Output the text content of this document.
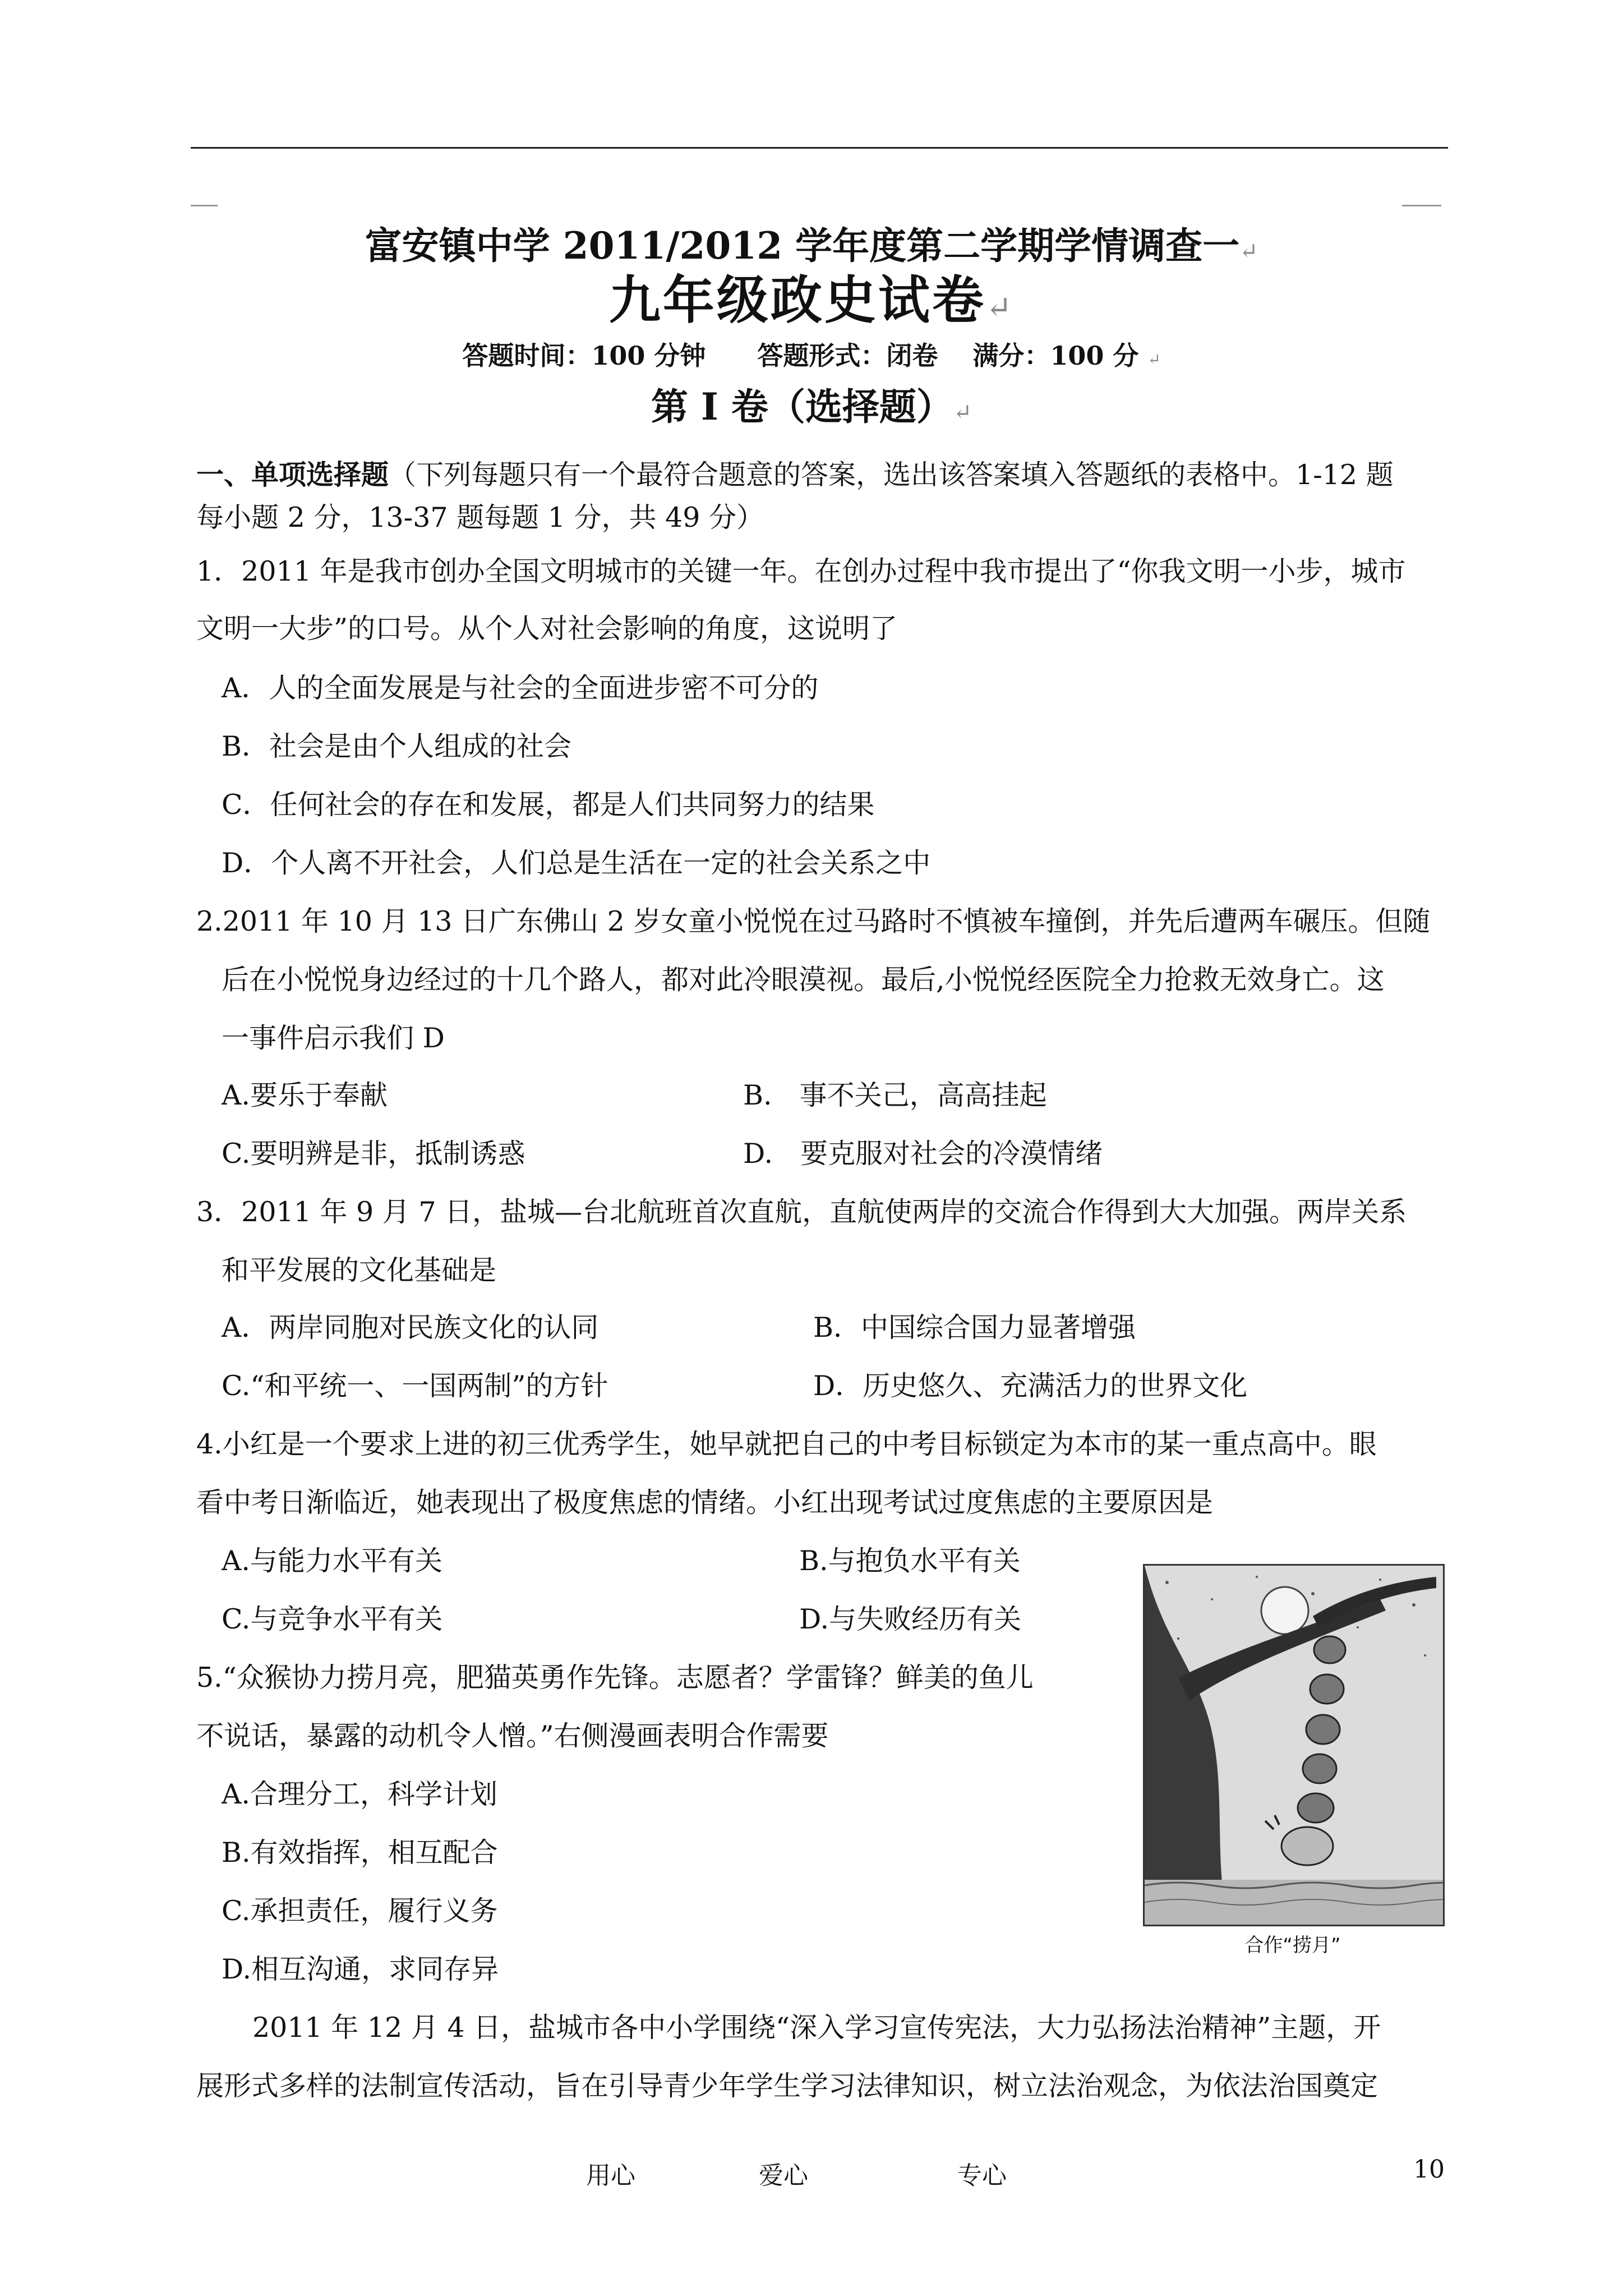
富安镇中学 2011/2012 学年度第二学期学情调查一↵
九年级政史试卷↵
答题时间：100 分钟　　答题形式：闭卷　 满分：100 分 ↵
第 I 卷（选择题）↵
一、单项选择题（下列每题只有一个最符合题意的答案，选出该答案填入答题纸的表格中。1-12 题
每小题 2 分，13-37 题每题 1 分，共 49 分）
1．2011 年是我市创办全国文明城市的关键一年。在创办过程中我市提出了“你我文明一小步，城市
文明一大步”的口号。从个人对社会影响的角度，这说明了
A．人的全面发展是与社会的全面进步密不可分的
B．社会是由个人组成的社会
C．任何社会的存在和发展，都是人们共同努力的结果
D．个人离不开社会，人们总是生活在一定的社会关系之中
2.2011 年 10 月 13 日广东佛山 2 岁女童小悦悦在过马路时不慎被车撞倒，并先后遭两车碾压。但随
后在小悦悦身边经过的十几个路人，都对此冷眼漠视。最后,小悦悦经医院全力抢救无效身亡。这
一事件启示我们 D
A.要乐于奉献	B.　事不关己，高高挂起
C.要明辨是非，抵制诱惑	D.　要克服对社会的冷漠情绪
3．2011 年 9 月 7 日，盐城—台北航班首次直航，直航使两岸的交流合作得到大大加强。两岸关系
和平发展的文化基础是
A．两岸同胞对民族文化的认同	B．中国综合国力显著增强
C.“和平统一、一国两制”的方针	D．历史悠久、充满活力的世界文化
4.小红是一个要求上进的初三优秀学生，她早就把自己的中考目标锁定为本市的某一重点高中。眼
看中考日渐临近，她表现出了极度焦虑的情绪。小红出现考试过度焦虑的主要原因是
A.与能力水平有关	B.与抱负水平有关
C.与竞争水平有关	D.与失败经历有关
5.“众猴协力捞月亮，肥猫英勇作先锋。志愿者？学雷锋？鲜美的鱼儿
不说话，暴露的动机令人憎。”右侧漫画表明合作需要
A.合理分工，科学计划
B.有效指挥，相互配合
C.承担责任，履行义务
D.相互沟通，求同存异
合作“捞月”
2011 年 12 月 4 日，盐城市各中小学围绕“深入学习宣传宪法，大力弘扬法治精神”主题，开
展形式多样的法制宣传活动，旨在引导青少年学生学习法律知识，树立法治观念，为依法治国奠定
用心	爱心	专心	10
